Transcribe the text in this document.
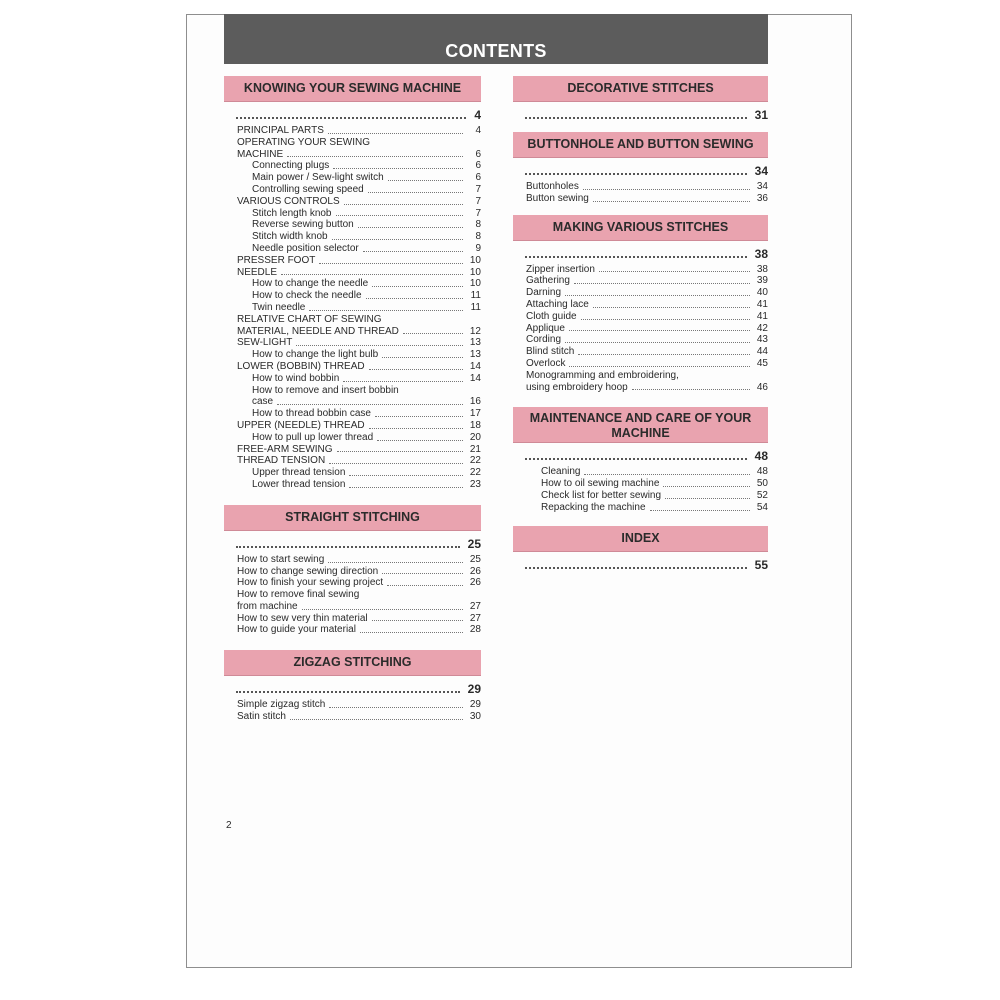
CONTENTS
KNOWING YOUR SEWING MACHINE
4
PRINCIPAL PARTS	4
OPERATING YOUR SEWING
MACHINE	6
Connecting plugs	6
Main power / Sew-light switch	6
Controlling sewing speed	7
VARIOUS CONTROLS	7
Stitch length knob	7
Reverse sewing button	8
Stitch width knob	8
Needle position selector	9
PRESSER FOOT	10
NEEDLE	10
How to change the needle	10
How to check the needle	11
Twin needle	11
RELATIVE CHART OF SEWING
MATERIAL, NEEDLE AND THREAD	12
SEW-LIGHT	13
How to change the light bulb	13
LOWER (BOBBIN) THREAD	14
How to wind bobbin	14
How to remove and insert bobbin
case	16
How to thread bobbin case	17
UPPER (NEEDLE) THREAD	18
How to pull up lower thread	20
FREE-ARM SEWING	21
THREAD TENSION	22
Upper thread tension	22
Lower thread tension	23
STRAIGHT STITCHING
25
How to start sewing	25
How to change sewing direction	26
How to finish your sewing project	26
How to remove final sewing
from machine	27
How to sew very thin material	27
How to guide your material	28
ZIGZAG STITCHING
29
Simple zigzag stitch	29
Satin stitch	30
DECORATIVE STITCHES
31
BUTTONHOLE AND BUTTON SEWING
34
Buttonholes	34
Button sewing	36
MAKING VARIOUS STITCHES
38
Zipper insertion	38
Gathering	39
Darning	40
Attaching lace	41
Cloth guide	41
Applique	42
Cording	43
Blind stitch	44
Overlock	45
Monogramming and embroidering,
using embroidery hoop	46
MAINTENANCE AND CARE OF YOUR MACHINE
48
Cleaning	48
How to oil sewing machine	50
Check list for better sewing	52
Repacking the machine	54
INDEX
55
2
